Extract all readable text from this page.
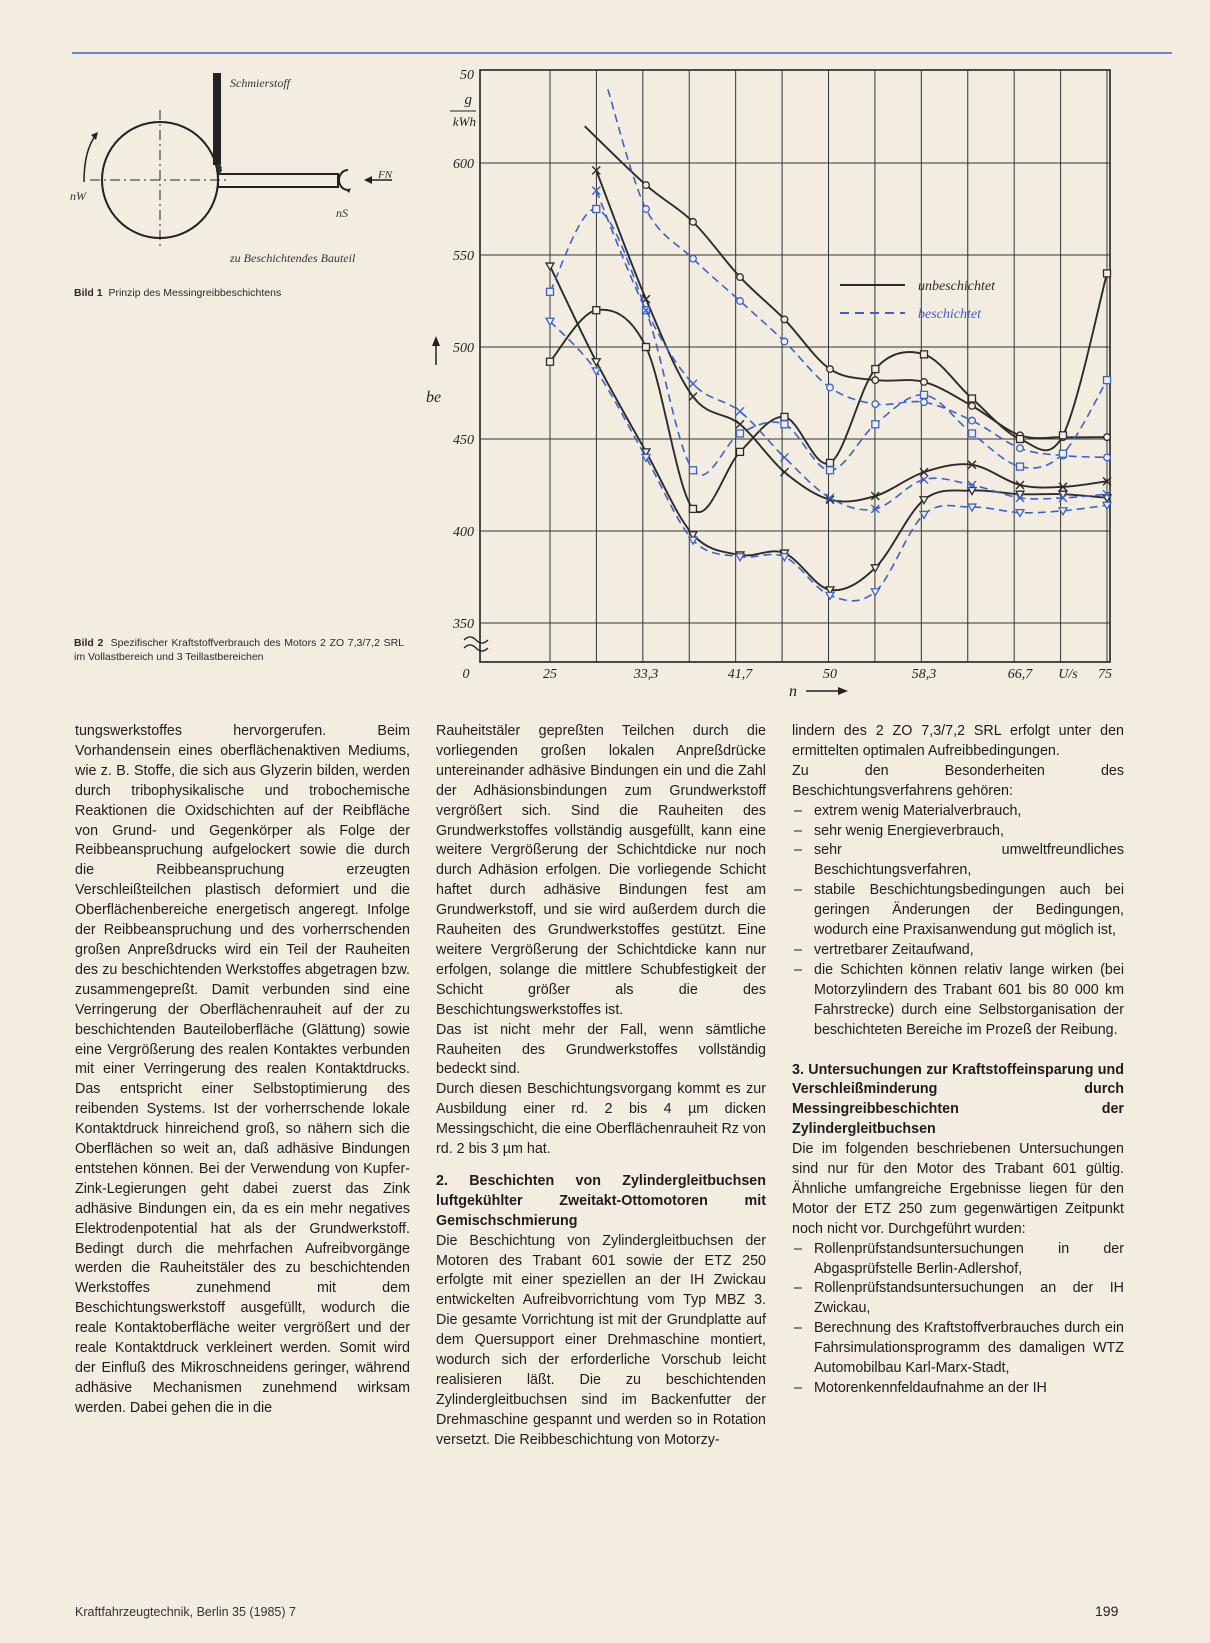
Schmierstoff
nW
FN
nS
zu Beschichtendes Bauteil
Bild 1 Prinzip des Messingreibbeschichtens
Bild 2 Spezifischer Kraftstoffverbrauch des Motors 2 ZO 7,3/7,2 SRL im Vollastbereich und 3 Teillastbereichen
350
400
450
500
550
600
50
g
kWh
be
0	25	33,3	41,7	50	58,3	66,7	75
U/s
n
unbeschichtet
beschichtet

tungswerkstoffes hervorgerufen. Beim Vorhandensein eines oberflächenaktiven Mediums, wie z. B. Stoffe, die sich aus Glyzerin bilden, werden durch tribophysikalische und trobochemische Reaktionen die Oxidschichten auf der Reibfläche von Grund- und Gegenkörper als Folge der Reibbeanspruchung aufgelockert sowie die durch die Reibbeanspruchung erzeugten Verschleißteilchen plastisch deformiert und die Oberflächenbereiche energetisch angeregt. Infolge der Reibbeanspruchung und des vorherrschenden großen Anpreßdrucks wird ein Teil der Rauheiten des zu beschichtenden Werkstoffes abgetragen bzw. zusammengepreßt. Damit verbunden sind eine Verringerung der Oberflächenrauheit auf der zu beschichtenden Bauteiloberfläche (Glättung) sowie eine Vergrößerung des realen Kontaktes verbunden mit einer Verringerung des realen Kontaktdrucks. Das entspricht einer Selbstoptimierung des reibenden Systems. Ist der vorherrschende lokale Kontaktdruck hinreichend groß, so nähern sich die Oberflächen so weit an, daß adhäsive Bindungen entstehen können. Bei der Verwendung von Kupfer-Zink-Legierungen geht dabei zuerst das Zink adhäsive Bindungen ein, da es ein mehr negatives Elektrodenpotential hat als der Grundwerkstoff. Bedingt durch die mehrfachen Aufreibvorgänge werden die Rauheitstäler des zu beschichtenden Werkstoffes zunehmend mit dem Beschichtungswerkstoff ausgefüllt, wodurch die reale Kontaktoberfläche weiter vergrößert und der reale Kontaktdruck verkleinert werden. Somit wird der Einfluß des Mikroschneidens geringer, während adhäsive Mechanismen zunehmend wirksam werden. Dabei gehen die in die

Rauheitstäler gepreßten Teilchen durch die vorliegenden großen lokalen Anpreßdrücke untereinander adhäsive Bindungen ein und die Zahl der Adhäsionsbindungen zum Grundwerkstoff vergrößert sich. Sind die Rauheiten des Grundwerkstoffes vollständig ausgefüllt, kann eine weitere Vergrößerung der Schichtdicke nur noch durch Adhäsion erfolgen. Die vorliegende Schicht haftet durch adhäsive Bindungen fest am Grundwerkstoff, und sie wird außerdem durch die Rauheiten des Grundwerkstoffes gestützt. Eine weitere Vergrößerung der Schichtdicke kann nur erfolgen, solange die mittlere Schubfestigkeit der Schicht größer als die des Beschichtungswerkstoffes ist.

Das ist nicht mehr der Fall, wenn sämtliche Rauheiten des Grundwerkstoffes vollständig bedeckt sind.

Durch diesen Beschichtungsvorgang kommt es zur Ausbildung einer rd. 2 bis 4 µm dicken Messingschicht, die eine Oberflächenrauheit Rz von rd. 2 bis 3 µm hat.

2. Beschichten von Zylindergleitbuchsen luftgekühlter Zweitakt-Ottomotoren mit Gemischschmierung

Die Beschichtung von Zylindergleitbuchsen der Motoren des Trabant 601 sowie der ETZ 250 erfolgte mit einer speziellen an der IH Zwickau entwickelten Aufreibvorrichtung vom Typ MBZ 3. Die gesamte Vorrichtung ist mit der Grundplatte auf dem Quersupport einer Drehmaschine montiert, wodurch sich der erforderliche Vorschub leicht realisieren läßt. Die zu beschichtenden Zylindergleitbuchsen sind im Backenfutter der Drehmaschine gespannt und werden so in Rotation versetzt. Die Reibbeschichtung von Motorzy-

lindern des 2 ZO 7,3/7,2 SRL erfolgt unter den ermittelten optimalen Aufreibbedingungen.

Zu den Besonderheiten des Beschichtungsverfahrens gehören:

– extrem wenig Materialverbrauch,
– sehr wenig Energieverbrauch,
– sehr umweltfreundliches Beschichtungsverfahren,
– stabile Beschichtungsbedingungen auch bei geringen Änderungen der Bedingungen, wodurch eine Praxisanwendung gut möglich ist,
– vertretbarer Zeitaufwand,
– die Schichten können relativ lange wirken (bei Motorzylindern des Trabant 601 bis 80 000 km Fahrstrecke) durch eine Selbstorganisation der beschichteten Bereiche im Prozeß der Reibung.
3. Untersuchungen zur Kraftstoffeinsparung und Verschleißminderung durch Messingreibbeschichten der Zylindergleitbuchsen

Die im folgenden beschriebenen Untersuchungen sind nur für den Motor des Trabant 601 gültig. Ähnliche umfangreiche Ergebnisse liegen für den Motor der ETZ 250 zum gegenwärtigen Zeitpunkt noch nicht vor. Durchgeführt wurden:

– Rollenprüfstandsuntersuchungen in der Abgasprüfstelle Berlin-Adlershof,
– Rollenprüfstandsuntersuchungen an der IH Zwickau,
– Berechnung des Kraftstoffverbrauches durch ein Fahrsimulationsprogramm des damaligen WTZ Automobilbau Karl-Marx-Stadt,
– Motorenkennfeldaufnahme an der IH
Kraftfahrzeugtechnik, Berlin 35 (1985) 7	199
